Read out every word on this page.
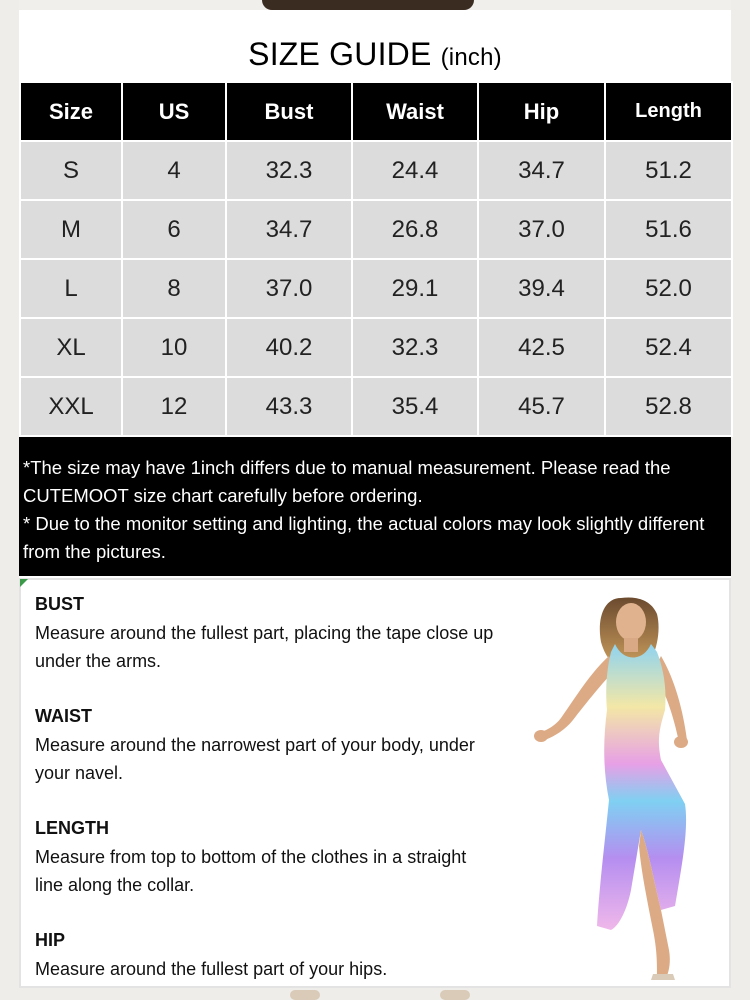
SIZE GUIDE (inch)
Size	US	Bust	Waist	Hip	Length
S	4	32.3	24.4	34.7	51.2
M	6	34.7	26.8	37.0	51.6
L	8	37.0	29.1	39.4	52.0
XL	10	40.2	32.3	42.5	52.4
XXL	12	43.3	35.4	45.7	52.8

*The size may have 1inch differs due to manual measurement. Please read the CUTEMOOT size chart carefully before ordering.

* Due to the monitor setting and lighting, the actual colors may look slightly different from the pictures.

BUST
Measure around the fullest part, placing the tape close up under the arms.
WAIST
Measure around the narrowest part of your body, under your navel.
LENGTH
Measure from top to bottom of the clothes in a straight line along the collar.
HIP
Measure around the fullest part of your hips.
